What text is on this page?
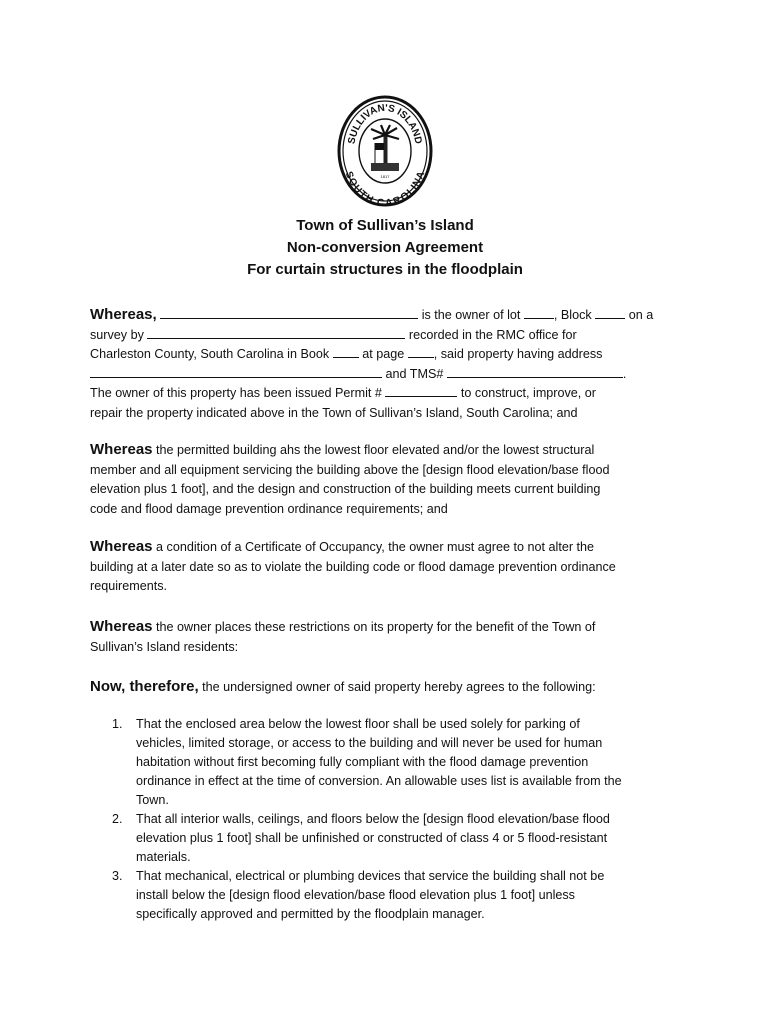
SULLIVAN'S ISLAND
SOUTH CAROLINA
1817
Town of Sullivan’s Island
Non-conversion Agreement
For curtain structures in the floodplain
Whereas,	is the owner of lot	, Block	on a
survey by	recorded in the RMC office for
Charleston County, South Carolina in Book	at page , said property having address
and TMS#	.
The owner of this property has been issued Permit #	to construct, improve, or
repair the property indicated above in the Town of Sullivan’s Island, South Carolina; and
Whereas the permitted building ahs the lowest floor elevated and/or the lowest structural
member and all equipment servicing the building above the [design flood elevation/base flood
elevation plus 1 foot], and the design and construction of the building meets current building
code and flood damage prevention ordinance requirements; and
Whereas a condition of a Certificate of Occupancy, the owner must agree to not alter the
building at a later date so as to violate the building code or flood damage prevention ordinance
requirements.
Whereas the owner places these restrictions on its property for the benefit of the Town of
Sullivan’s Island residents:
Now, therefore, the undersigned owner of said property hereby agrees to the following:
1. That the enclosed area below the lowest floor shall be used solely for parking of
vehicles, limited storage, or access to the building and will never be used for human
habitation without first becoming fully compliant with the flood damage prevention
ordinance in effect at the time of conversion. An allowable uses list is available from the
Town.
2. That all interior walls, ceilings, and floors below the [design flood elevation/base flood
elevation plus 1 foot] shall be unfinished or constructed of class 4 or 5 flood-resistant
materials.
3. That mechanical, electrical or plumbing devices that service the building shall not be
install below the [design flood elevation/base flood elevation plus 1 foot] unless
specifically approved and permitted by the floodplain manager.
